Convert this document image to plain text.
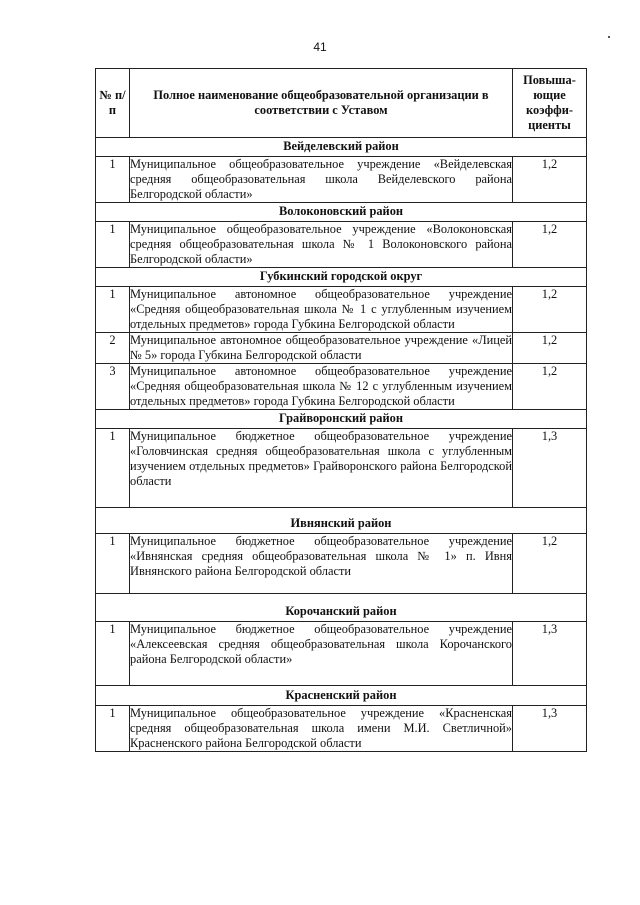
41
№ п/п	Полное наименование общеобразовательной организации в соответствии с Уставом	Повыша-ющие коэффи-циенты
Вейделевский район		
1	Муниципальное общеобразовательное учреждение «Вейделевская средняя общеобразовательная школа Вейделевского района Белгородской области»	1,2
Волоконовский район		
1	Муниципальное общеобразовательное учреждение «Волоконовская средняя общеобразовательная школа № 1 Волоконовского района Белгородской области»	1,2
Губкинский городской округ		
1	Муниципальное автономное общеобразовательное учреждение «Средняя общеобразовательная школа № 1 с углубленным изучением отдельных предметов» города Губкина Белгородской области	1,2
2	Муниципальное автономное общеобразовательное учреждение «Лицей № 5» города Губкина Белгородской области	1,2
3	Муниципальное автономное общеобразовательное учреждение «Средняя общеобразовательная школа № 12 с углубленным изучением отдельных предметов» города Губкина Белгородской области	1,2
Грайворонский район		
1	Муниципальное бюджетное общеобразовательное учреждение «Головчинская средняя общеобразовательная школа с углубленным изучением отдельных предметов» Грайворонского района Белгородской области	1,3
Ивнянский район		
1	Муниципальное бюджетное общеобразовательное учреждение «Ивнянская средняя общеобразовательная школа № 1» п. Ивня Ивнянского района Белгородской области	1,2
Корочанский район		
1	Муниципальное бюджетное общеобразовательное учреждение «Алексеевская средняя общеобразовательная школа Корочанского района Белгородской области»	1,3
Красненский район		
1	Муниципальное общеобразовательное учреждение «Красненская средняя общеобразовательная школа имени М.И. Светличной» Красненского района Белгородской области	1,3
